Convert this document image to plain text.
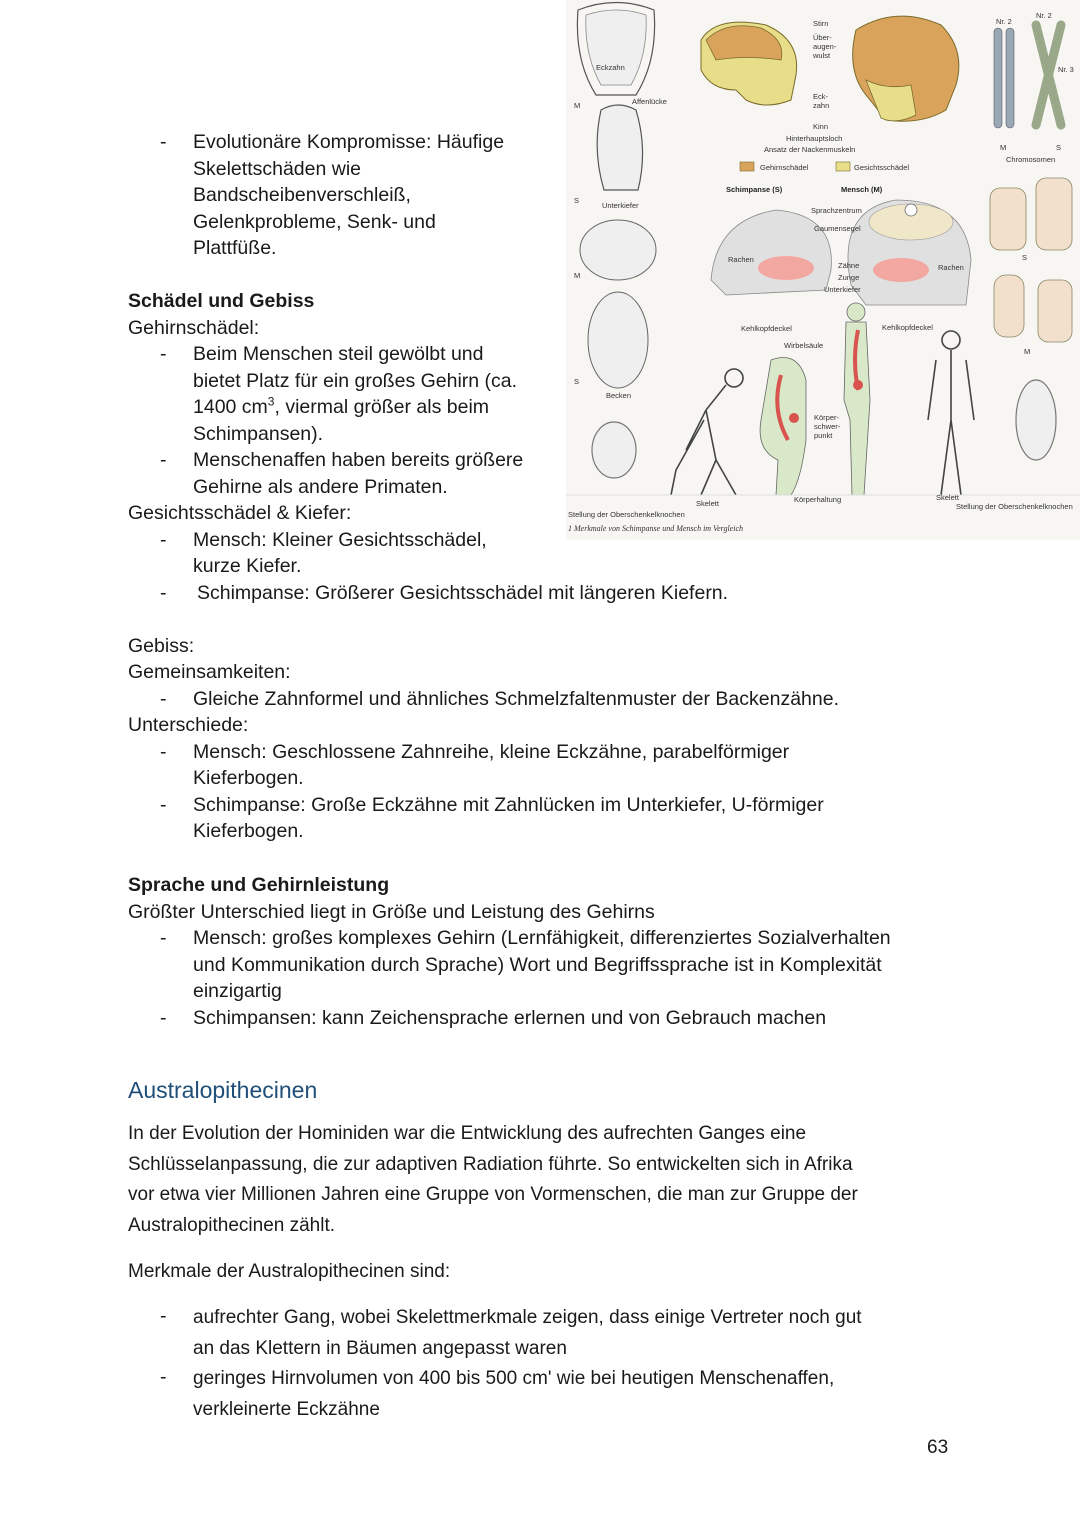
Eckzahn
Affenlücke
Unterkiefer
M
S
M
S
Becken
Stirn
Über-
augen-
wulst
Eck-
zahn
Kinn
Hinterhauptsloch
Ansatz der Nackenmuskeln
Gehirnschädel	Gesichtsschädel
Nr. 2
Nr. 2
Nr. 3
M	S
Chromosomen
Schimpanse (S)	Mensch (M)
Sprachzentrum
Gaumensegel
Rachen
Rachen
Zähne
Zunge
Unterkiefer
S
M
Kehlkopfdeckel	Kehlkopfdeckel
Wirbelsäule
Körper-
schwer-
punkt
Skelett	Körperhaltung	Skelett
Stellung der Oberschenkelknochen
Stellung der Oberschenkelknochen
1 Merkmale von Schimpanse und Mensch im Vergleich
- Evolutionäre Kompromisse: Häufige
Skelettschäden wie
Bandscheibenverschleiß,
Gelenkprobleme, Senk- und
Plattfüße.
Schädel und Gebiss
Gehirnschädel:
- Beim Menschen steil gewölbt und
bietet Platz für ein großes Gehirn (ca.
1400 $cm^3$, viermal größer als beim
Schimpansen).
- Menschenaffen haben bereits größere
Gehirne als andere Primaten.
Gesichtsschädel & Kiefer:
- Mensch: Kleiner Gesichtsschädel,
kurze Kiefer.
- Schimpanse: Größerer Gesichtsschädel mit längeren Kiefern.
Gebiss:
Gemeinsamkeiten:
- Gleiche Zahnformel und ähnliches Schmelzfaltenmuster der Backenzähne.
Unterschiede:
- Mensch: Geschlossene Zahnreihe, kleine Eckzähne, parabelförmiger
Kieferbogen.
- Schimpanse: Große Eckzähne mit Zahnlücken im Unterkiefer, U-förmiger
Kieferbogen.
Sprache und Gehirnleistung
Größter Unterschied liegt in Größe und Leistung des Gehirns
- Mensch: großes komplexes Gehirn (Lernfähigkeit, differenziertes Sozialverhalten
und Kommunikation durch Sprache) Wort und Begriffssprache ist in Komplexität
einzigartig
- Schimpansen: kann Zeichensprache erlernen und von Gebrauch machen
Australopithecinen
In der Evolution der Hominiden war die Entwicklung des aufrechten Ganges eine
Schlüsselanpassung, die zur adaptiven Radiation führte. So entwickelten sich in Afrika
vor etwa vier Millionen Jahren eine Gruppe von Vormenschen, die man zur Gruppe der
Australopithecinen zählt.
Merkmale der Australopithecinen sind:
- aufrechter Gang, wobei Skelettmerkmale zeigen, dass einige Vertreter noch gut
an das Klettern in Bäumen angepasst waren
- geringes Hirnvolumen von 400 bis 500 cm' wie bei heutigen Menschenaffen,
verkleinerte Eckzähne
63
